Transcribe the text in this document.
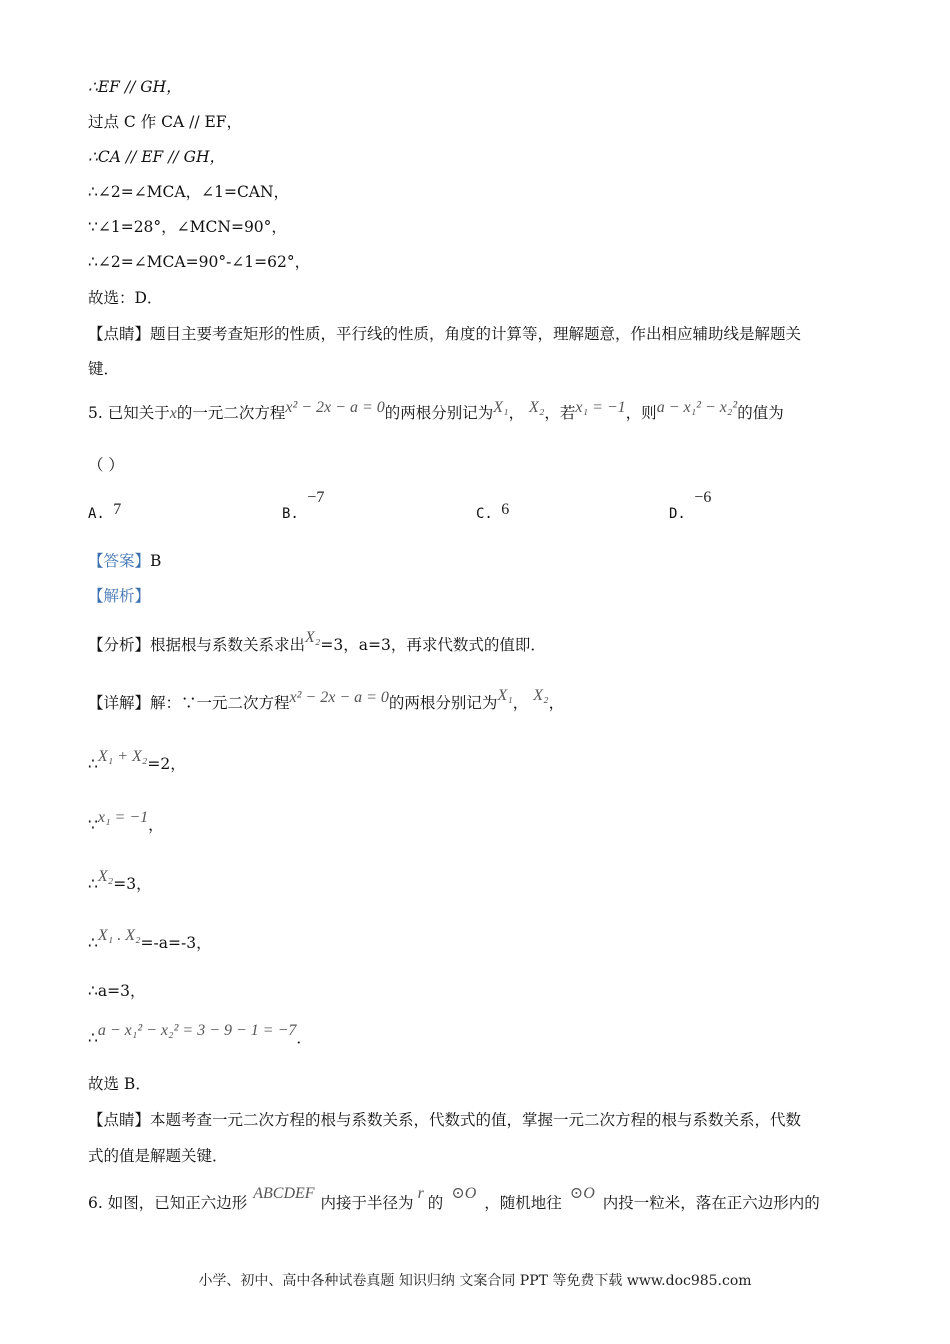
∴EF // GH，
过点 C 作 CA // EF，
∴CA // EF // GH，
∴∠2=∠MCA，∠1=CAN，
∵∠1=28°，∠MCN=90°，
∴∠2=∠MCA=90°-∠1=62°，
故选：D．
【点睛】题目主要考查矩形的性质，平行线的性质，角度的计算等，理解题意，作出相应辅助线是解题关
键．
5. 已知关于x的一元二次方程x² − 2x − a = 0的两根分别记为X₁， X₂，若x₁ = −1，则a − x₁² − x₂²的值为
（ ）
A. 7	B. −7
C. 6	D. −6
【答案】B
【解析】
【分析】根据根与系数关系求出X₂=3，a=3，再求代数式的值即．
【详解】解：∵一元二次方程x² − 2x − a = 0的两根分别记为X₁， X₂，
∴X₁ + X₂=2，
∵x₁ = −1，
∴X₂=3，
∴X₁ . X₂=-a=-3，
∴a=3，
∴a − x₁² − x₂² = 3 − 9 − 1 = −7．
故选 B．
【点睛】本题考查一元二次方程的根与系数关系，代数式的值，掌握一元二次方程的根与系数关系，代数
式的值是解题关键．
6. 如图，已知正六边形ABCDEF内接于半径为r的⊙O，随机地往⊙O内投一粒米，落在正六边形内的
小学、初中、高中各种试卷真题 知识归纳 文案合同 PPT 等免费下载 www.doc985.com
